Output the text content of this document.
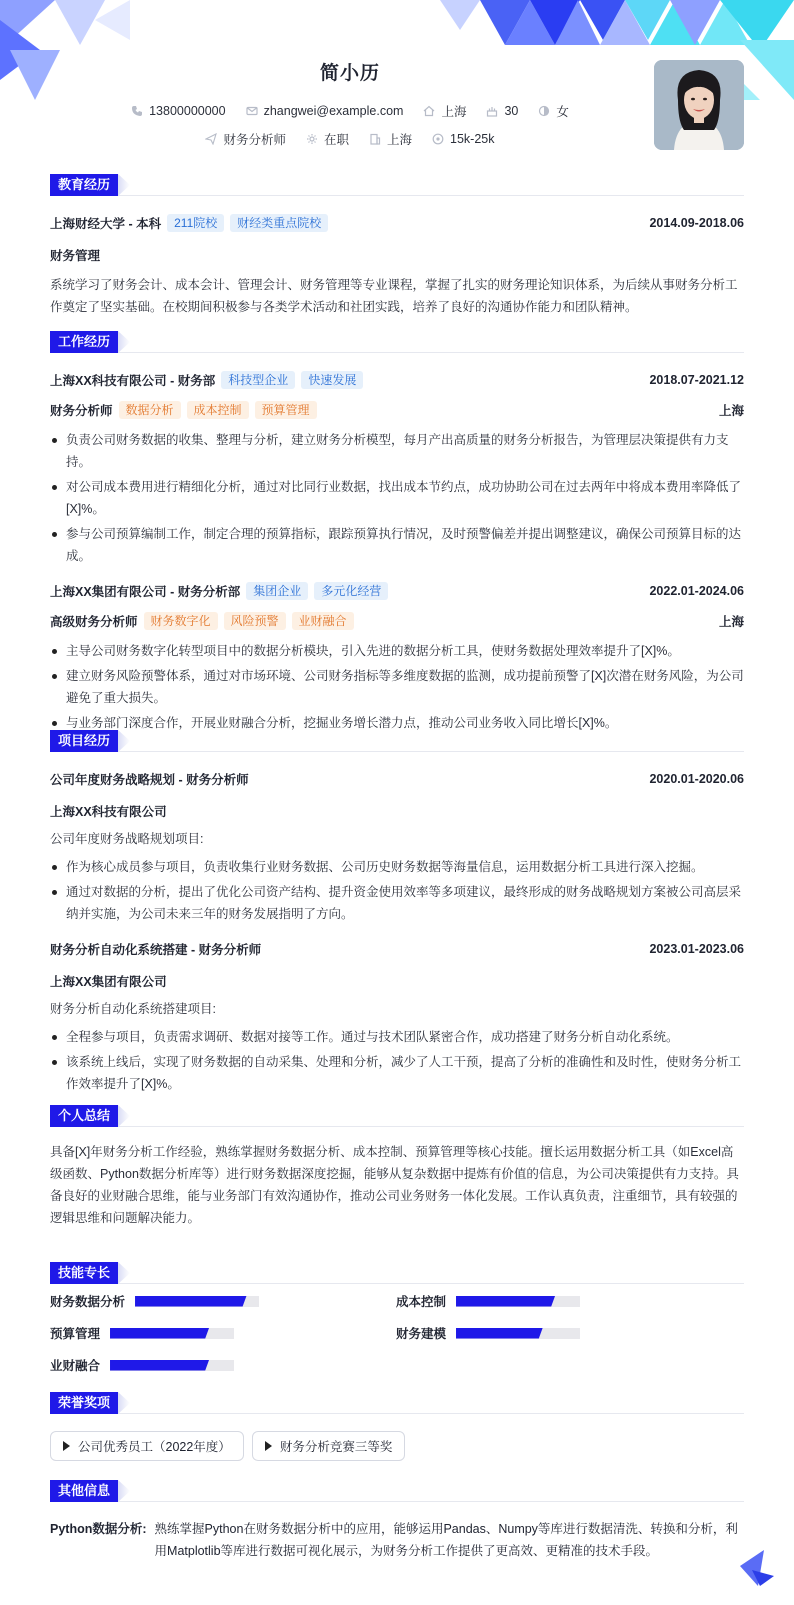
简小历
13800000000	zhangwei@example.com	上海	30	女
财务分析师	在职	上海	15k-25k
教育经历
上海财经大学 - 本科	211院校	财经类重点院校	2014.09-2018.06
财务管理
系统学习了财务会计、成本会计、管理会计、财务管理等专业课程，掌握了扎实的财务理论知识体系，为后续从事财务分析工作奠定了坚实基础。在校期间积极参与各类学术活动和社团实践，培养了良好的沟通协作能力和团队精神。
工作经历
上海XX科技有限公司 - 财务部	科技型企业	快速发展	2018.07-2021.12
财务分析师	数据分析	成本控制	预算管理	上海
负责公司财务数据的收集、整理与分析，建立财务分析模型，每月产出高质量的财务分析报告，为管理层决策提供有力支持。
对公司成本费用进行精细化分析，通过对比同行业数据，找出成本节约点，成功协助公司在过去两年中将成本费用率降低了[X]%。
参与公司预算编制工作，制定合理的预算指标，跟踪预算执行情况，及时预警偏差并提出调整建议，确保公司预算目标的达成。
上海XX集团有限公司 - 财务分析部	集团企业	多元化经营	2022.01-2024.06
高级财务分析师	财务数字化	风险预警	业财融合	上海
主导公司财务数字化转型项目中的数据分析模块，引入先进的数据分析工具，使财务数据处理效率提升了[X]%。
建立财务风险预警体系，通过对市场环境、公司财务指标等多维度数据的监测，成功提前预警了[X]次潜在财务风险，为公司避免了重大损失。
与业务部门深度合作，开展业财融合分析，挖掘业务增长潜力点，推动公司业务收入同比增长[X]%。
项目经历
公司年度财务战略规划 - 财务分析师	2020.01-2020.06
上海XX科技有限公司
公司年度财务战略规划项目:
作为核心成员参与项目，负责收集行业财务数据、公司历史财务数据等海量信息，运用数据分析工具进行深入挖掘。
通过对数据的分析，提出了优化公司资产结构、提升资金使用效率等多项建议，最终形成的财务战略规划方案被公司高层采纳并实施，为公司未来三年的财务发展指明了方向。
财务分析自动化系统搭建 - 财务分析师	2023.01-2023.06
上海XX集团有限公司
财务分析自动化系统搭建项目:
全程参与项目，负责需求调研、数据对接等工作。通过与技术团队紧密合作，成功搭建了财务分析自动化系统。
该系统上线后，实现了财务数据的自动采集、处理和分析，减少了人工干预，提高了分析的准确性和及时性，使财务分析工作效率提升了[X]%。
个人总结
具备[X]年财务分析工作经验，熟练掌握财务数据分析、成本控制、预算管理等核心技能。擅长运用数据分析工具（如Excel高级函数、Python数据分析库等）进行财务数据深度挖掘，能够从复杂数据中提炼有价值的信息，为公司决策提供有力支持。具备良好的业财融合思维，能与业务部门有效沟通协作，推动公司业务财务一体化发展。工作认真负责，注重细节，具有较强的逻辑思维和问题解决能力。
技能专长
财务数据分析	成本控制
预算管理	财务建模
业财融合
荣誉奖项
公司优秀员工（2022年度）	财务分析竞赛三等奖
其他信息
Python数据分析: 熟练掌握Python在财务数据分析中的应用，能够运用Pandas、Numpy等库进行数据清洗、转换和分析，利用Matplotlib等库进行数据可视化展示，为财务分析工作提供了更高效、更精准的技术手段。
